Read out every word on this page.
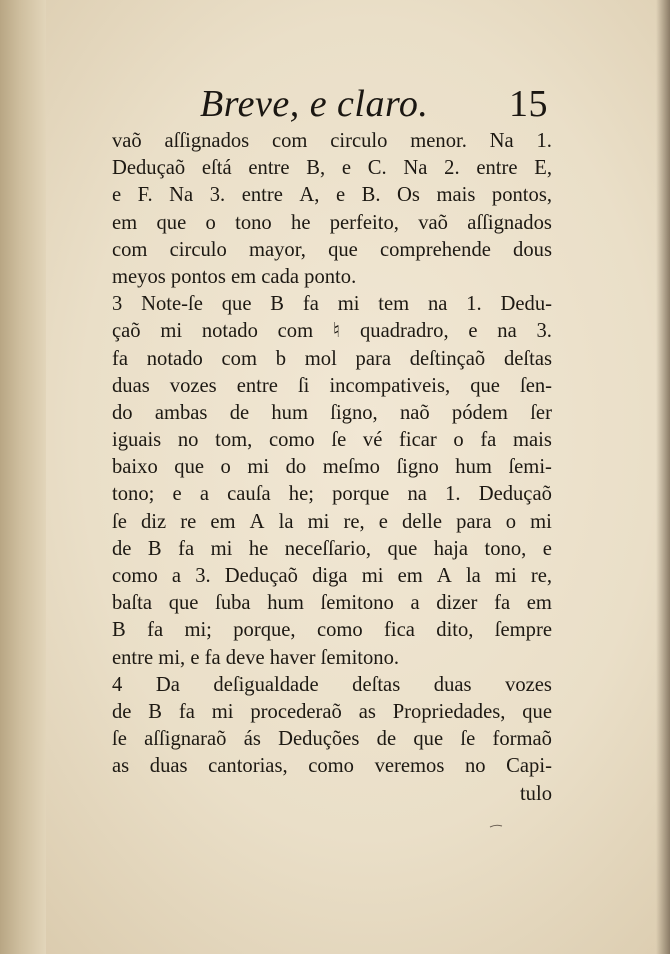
Breve, e claro. 15
vaõ aſſignados com circulo menor. Na 1.
Deduçaõ eſtá entre B, e C. Na 2. entre E,
e F. Na 3. entre A, e B. Os mais pontos,
em que o tono he perfeito, vaõ aſſignados
com circulo mayor, que comprehende dous
meyos pontos em cada ponto.
3 Note-ſe que B fa mi tem na 1. Dedu-
çaõ mi notado com ♮ quadradro, e na 3.
fa notado com b mol para deſtinçaõ deſtas
duas vozes entre ſi incompativeis, que ſen-
do ambas de hum ſigno, naõ pódem ſer
iguais no tom, como ſe vé ficar o fa mais
baixo que o mi do meſmo ſigno hum ſemi-
tono; e a cauſa he; porque na 1. Deduçaõ
ſe diz re em A la mi re, e delle para o mi
de B fa mi he neceſſario, que haja tono, e
como a 3. Deduçaõ diga mi em A la mi re,
baſta que ſuba hum ſemitono a dizer fa em
B fa mi; porque, como fica dito, ſempre
entre mi, e fa deve haver ſemitono.
4 Da deſigualdade deſtas duas vozes
de B fa mi procederaõ as Propriedades, que
ſe aſſignaraõ ás Deduções de que ſe formaõ
as duas cantorias, como veremos no Capi-
tulo
